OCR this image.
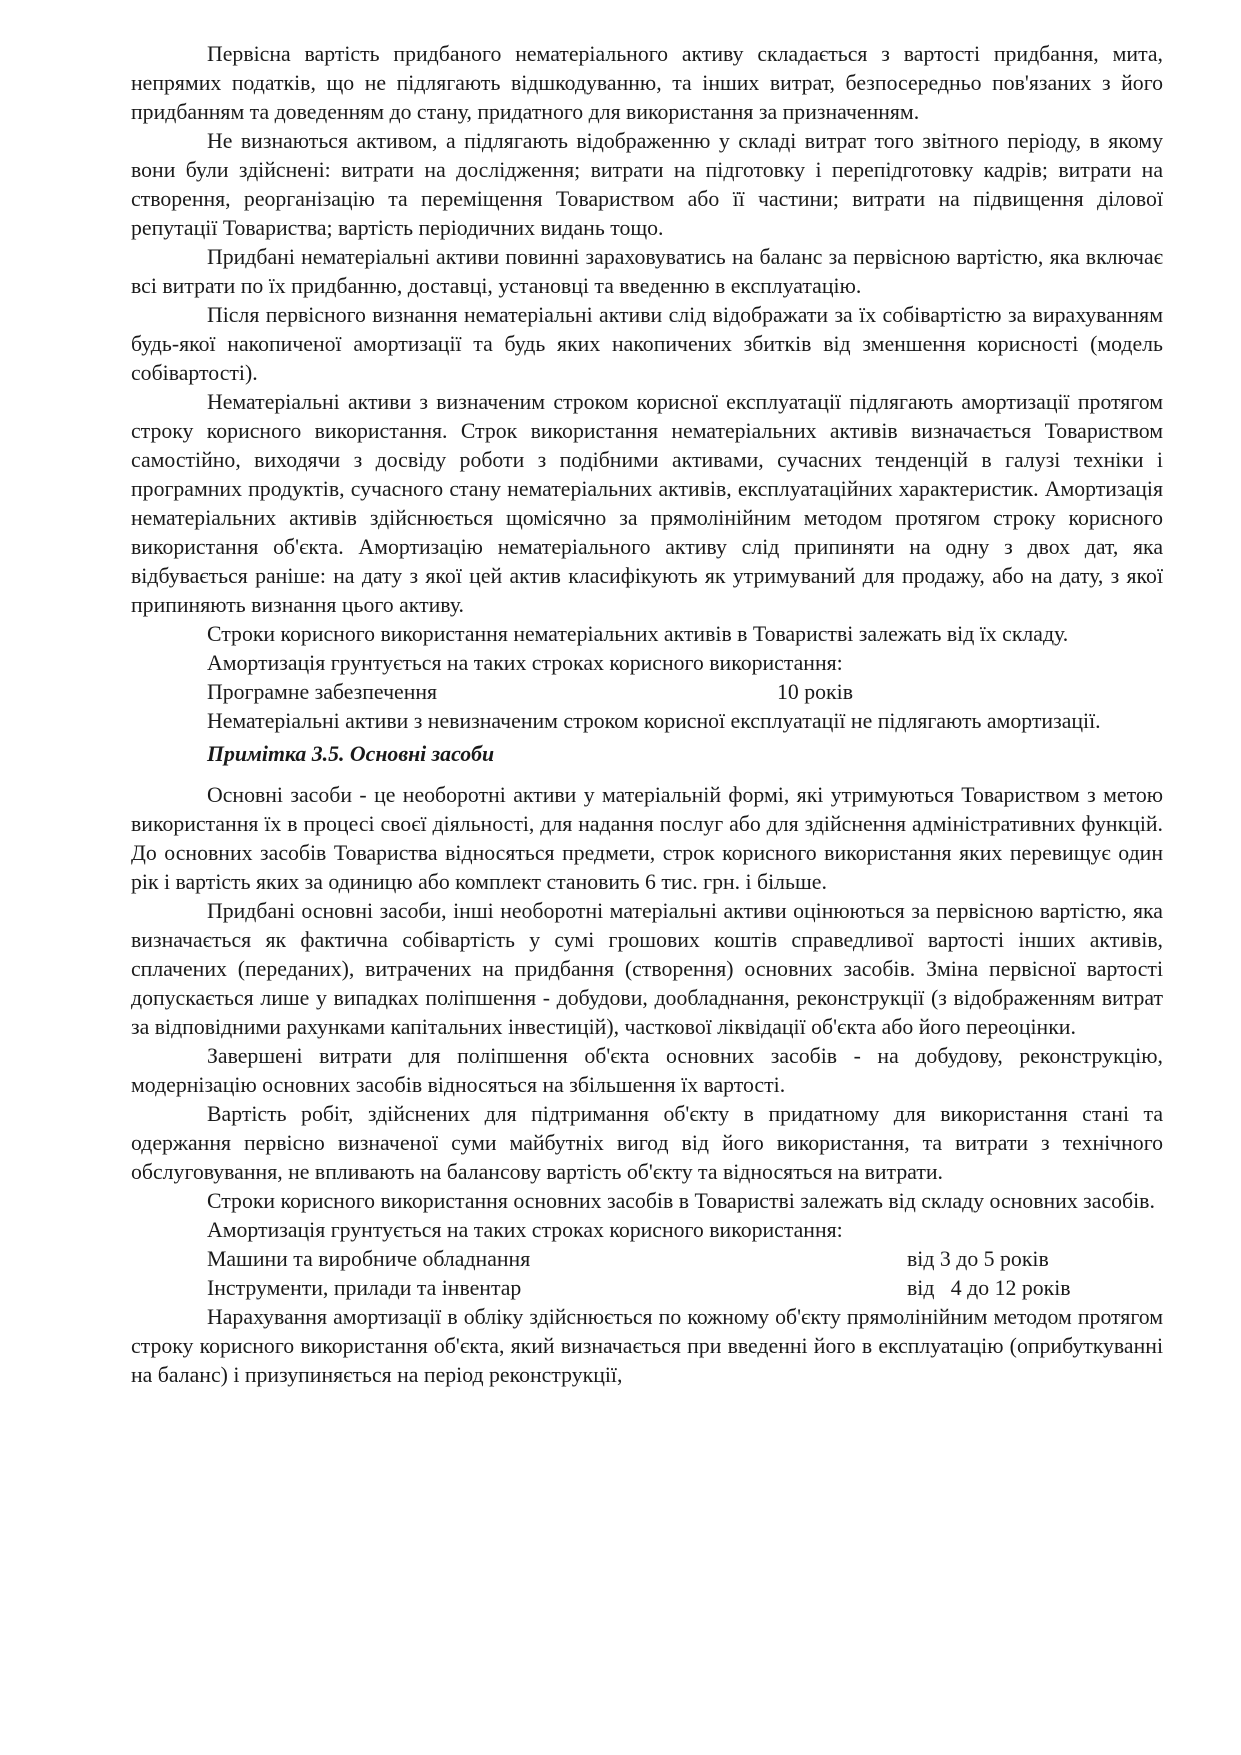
Первісна вартість придбаного нематеріального активу складається з вартості придбання, мита, непрямих податків, що не підлягають відшкодуванню, та інших витрат, безпосередньо пов'язаних з його придбанням та доведенням до стану, придатного для використання за призначенням.

Не визнаються активом, а підлягають відображенню у складі витрат того звітного періоду, в якому вони були здійснені: витрати на дослідження; витрати на підготовку і перепідготовку кадрів; витрати на створення, реорганізацію та переміщення Товариством або її частини; витрати на підвищення ділової репутації Товариства; вартість періодичних видань тощо.

Придбані нематеріальні активи повинні зараховуватись на баланс за первісною вартістю, яка включає всі витрати по їх придбанню, доставці, установці та введенню в експлуатацію.

Після первісного визнання нематеріальні активи слід відображати за їх собівартістю за вирахуванням будь-якої накопиченої амортизації та будь яких накопичених збитків від зменшення корисності (модель собівартості).

Нематеріальні активи з визначеним строком корисної експлуатації підлягають амортизації протягом строку корисного використання. Строк використання нематеріальних активів визначається Товариством самостійно, виходячи з досвіду роботи з подібними активами, сучасних тенденцій в галузі техніки і програмних продуктів, сучасного стану нематеріальних активів, експлуатаційних характеристик. Амортизація нематеріальних активів здійснюється щомісячно за прямолінійним методом протягом строку корисного використання об'єкта. Амортизацію нематеріального активу слід припиняти на одну з двох дат, яка відбувається раніше: на дату з якої цей актив класифікують як утримуваний для продажу, або на дату, з якої припиняють визнання цього активу.

Строки корисного використання нематеріальних активів в Товаристві залежать від їх складу.

Амортизація грунтується на таких строках корисного використання:

Програмне забезпечення	10 років

Нематеріальні активи з невизначеним строком корисної експлуатації не підлягають амортизації.

Примітка 3.5. Основні засоби

Основні засоби - це необоротні активи у матеріальній формі, які утримуються Товариством з метою використання їх в процесі своєї діяльності, для надання послуг або для здійснення адміністративних функцій. До основних засобів Товариства відносяться предмети, строк корисного використання яких перевищує один рік і вартість яких за одиницю або комплект становить 6 тис. грн. і більше.

Придбані основні засоби, інші необоротні матеріальні активи оцінюються за первісною вартістю, яка визначається як фактична собівартість у сумі грошових коштів справедливої вартості інших активів, сплачених (переданих), витрачених на придбання (створення) основних засобів. Зміна первісної вартості допускається лише у випадках поліпшення - добудови, дообладнання, реконструкції (з відображенням витрат за відповідними рахунками капітальних інвестицій), часткової ліквідації об'єкта або його переоцінки.

Завершені витрати для поліпшення об'єкта основних засобів - на добудову, реконструкцію, модернізацію основних засобів відносяться на збільшення їх вартості.

Вартість робіт, здійснених для підтримання об'єкту в придатному для використання стані та одержання первісно визначеної суми майбутніх вигод від його використання, та витрати з технічного обслуговування, не впливають на балансову вартість об'єкту та відносяться на витрати.

Строки корисного використання основних засобів в Товаристві залежать від складу основних засобів.

Амортизація грунтується на таких строках корисного використання:

Машини та виробниче обладнання	від 3 до 5 років
Інструменти, прилади та інвентар	від   4 до 12 років

Нарахування амортизації в обліку здійснюється по кожному об'єкту прямолінійним методом протягом строку корисного використання об'єкта, який визначається при введенні його в експлуатацію (оприбуткуванні на баланс) і призупиняється на період реконструкції,
